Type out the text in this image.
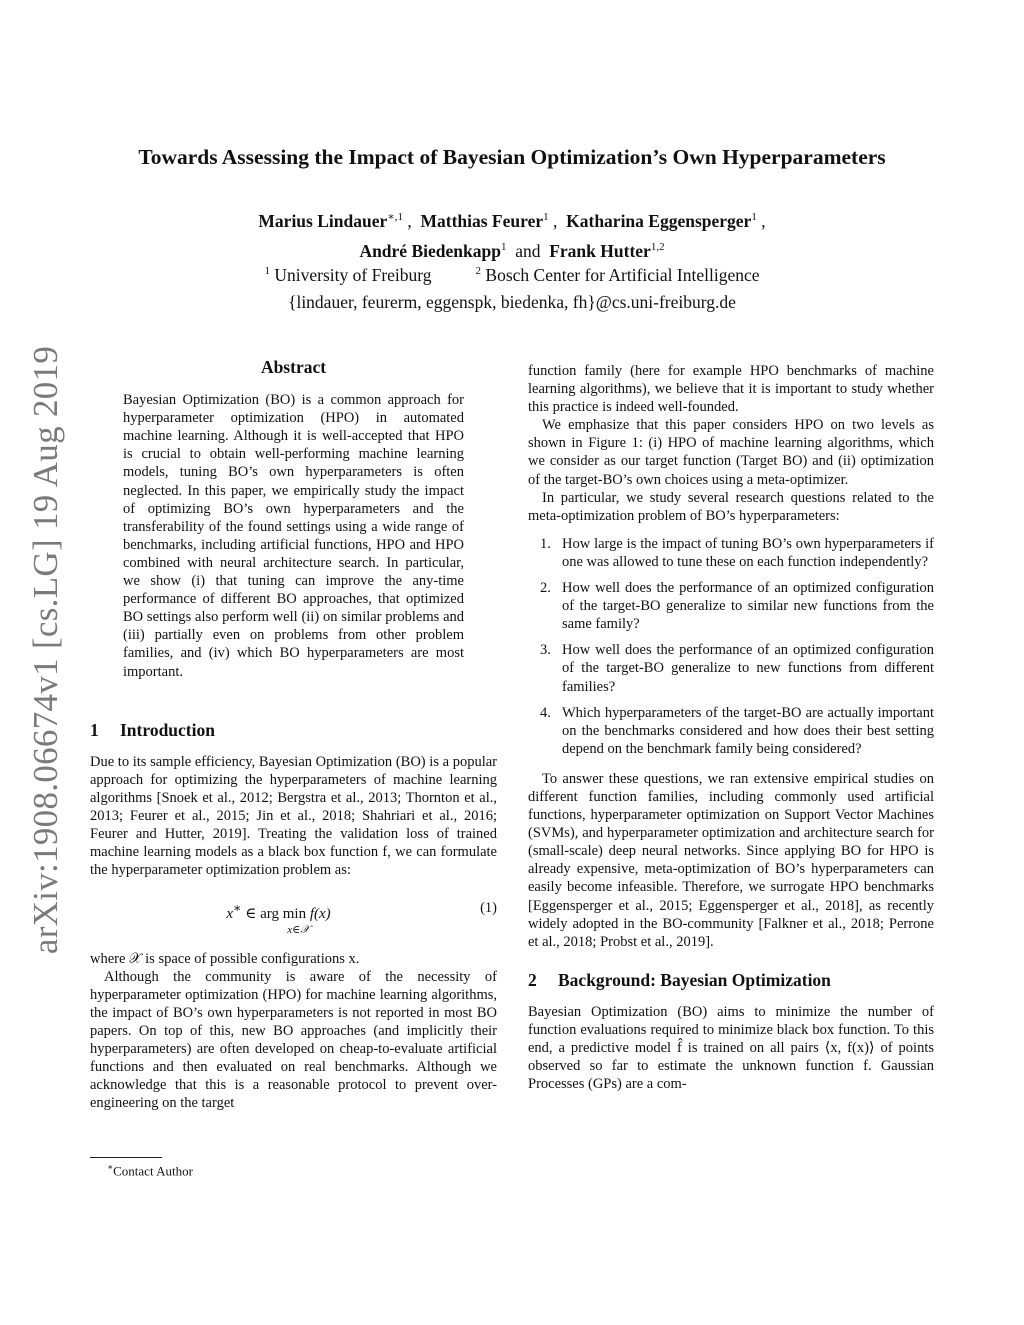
arXiv:1908.06674v1 [cs.LG] 19 Aug 2019
Towards Assessing the Impact of Bayesian Optimization’s Own Hyperparameters
Marius Lindauer$^{∗,1}$ ,  Matthias Feurer$^1$ ,  Katharina Eggensperger$^1$ ,
André Biedenkapp$^1$ and Frank Hutter$^{1,2}$
$^1$ University of Freiburg	$^2$ Bosch Center for Artificial Intelligence
{lindauer, feurerm, eggenspk, biedenka, fh}@cs.uni-freiburg.de
Abstract

Bayesian Optimization (BO) is a common approach for hyperparameter optimization (HPO) in automated machine learning. Although it is well-accepted that HPO is crucial to obtain well-performing machine learning models, tuning BO’s own hyperparameters is often neglected. In this paper, we empirically study the impact of optimizing BO’s own hyperparameters and the transferability of the found settings using a wide range of benchmarks, including artificial functions, HPO and HPO combined with neural architecture search. In particular, we show (i) that tuning can improve the any-time performance of different BO approaches, that optimized BO settings also perform well (ii) on similar problems and (iii) partially even on problems from other problem families, and (iv) which BO hyperparameters are most important.

1 Introduction

Due to its sample efficiency, Bayesian Optimization (BO) is a popular approach for optimizing the hyperparameters of machine learning algorithms [Snoek et al., 2012; Bergstra et al., 2013; Thornton et al., 2013; Feurer et al., 2015; Jin et al., 2018; Shahriari et al., 2016; Feurer and Hutter, 2019]. Treating the validation loss of trained machine learning models as a black box function f, we can formulate the hyperparameter optimization problem as:

x∗ ∈ arg min f(x)
x∈𝒳
(1)

where 𝒳 is space of possible configurations x.

Although the community is aware of the necessity of hyperparameter optimization (HPO) for machine learning algorithms, the impact of BO’s own hyperparameters is not reported in most BO papers. On top of this, new BO approaches (and implicitly their hyperparameters) are often developed on cheap-to-evaluate artificial functions and then evaluated on real benchmarks. Although we acknowledge that this is a reasonable protocol to prevent over-engineering on the target

function family (here for example HPO benchmarks of machine learning algorithms), we believe that it is important to study whether this practice is indeed well-founded.

We emphasize that this paper considers HPO on two levels as shown in Figure 1: (i) HPO of machine learning algorithms, which we consider as our target function (Target BO) and (ii) optimization of the target-BO’s own choices using a meta-optimizer.

In particular, we study several research questions related to the meta-optimization problem of BO’s hyperparameters:

1. How large is the impact of tuning BO’s own hyperparameters if one was allowed to tune these on each function independently?
2. How well does the performance of an optimized configuration of the target-BO generalize to similar new functions from the same family?
3. How well does the performance of an optimized configuration of the target-BO generalize to new functions from different families?
4. Which hyperparameters of the target-BO are actually important on the benchmarks considered and how does their best setting depend on the benchmark family being considered?

To answer these questions, we ran extensive empirical studies on different function families, including commonly used artificial functions, hyperparameter optimization on Support Vector Machines (SVMs), and hyperparameter optimization and architecture search for (small-scale) deep neural networks. Since applying BO for HPO is already expensive, meta-optimization of BO’s hyperparameters can easily become infeasible. Therefore, we surrogate HPO benchmarks [Eggensperger et al., 2015; Eggensperger et al., 2018], as recently widely adopted in the BO-community [Falkner et al., 2018; Perrone et al., 2018; Probst et al., 2019].

2 Background: Bayesian Optimization

Bayesian Optimization (BO) aims to minimize the number of function evaluations required to minimize black box function. To this end, a predictive model f̂ is trained on all pairs ⟨x, f(x)⟩ of points observed so far to estimate the unknown function f. Gaussian Processes (GPs) are a com-

∗Contact Author
